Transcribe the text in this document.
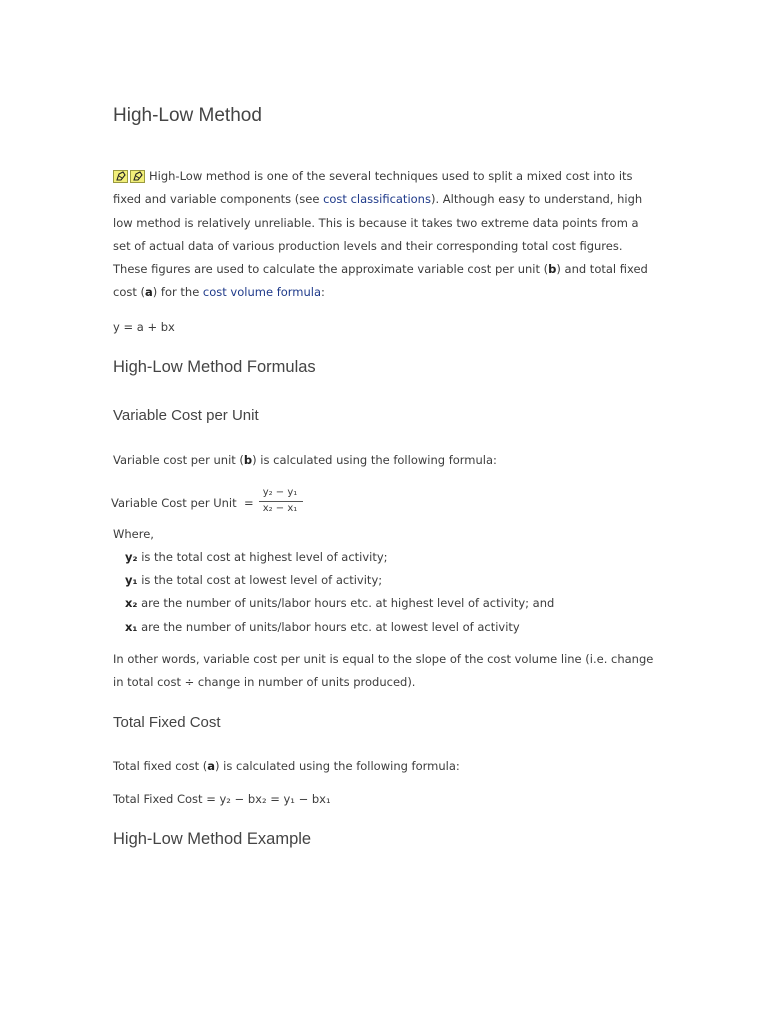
High-Low Method

High-Low method is one of the several techniques used to split a mixed cost into its fixed and variable components (see cost classifications). Although easy to understand, high low method is relatively unreliable. This is because it takes two extreme data points from a set of actual data of various production levels and their corresponding total cost figures. These figures are used to calculate the approximate variable cost per unit (b) and total fixed cost (a) for the cost volume formula:

y = a + bx
High-Low Method Formulas
Variable Cost per Unit
Variable cost per unit (b) is calculated using the following formula:
Variable Cost per Unit =
y₂ − y₁
x₂ − x₁
Where,
y₂ is the total cost at highest level of activity;
y₁ is the total cost at lowest level of activity;
x₂ are the number of units/labor hours etc. at highest level of activity; and
x₁ are the number of units/labor hours etc. at lowest level of activity

In other words, variable cost per unit is equal to the slope of the cost volume line (i.e. change in total cost ÷ change in number of units produced).

Total Fixed Cost
Total fixed cost (a) is calculated using the following formula:
Total Fixed Cost = y₂ − bx₂ = y₁ − bx₁
High-Low Method Example
